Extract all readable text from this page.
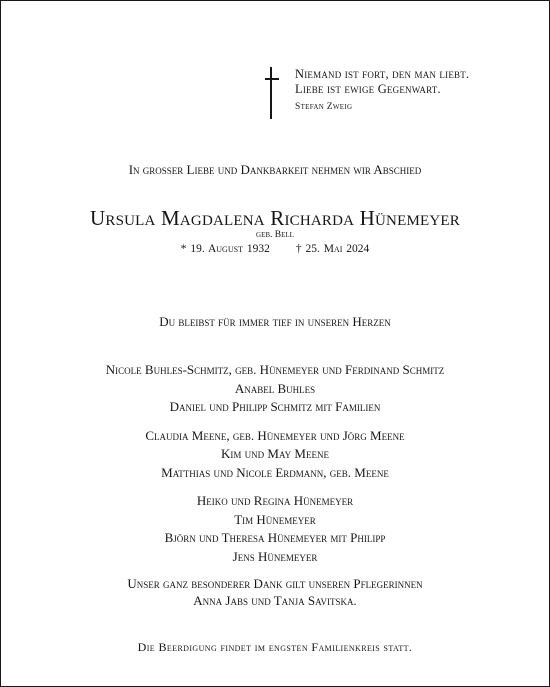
Niemand ist fort, den man liebt.
Liebe ist ewige Gegenwart.
Stefan Zweig
In grosser Liebe und Dankbarkeit nehmen wir Abschied
Ursula Magdalena Richarda Hünemeyer
geb. Bell
* 19. August 1932 † 25. Mai 2024
Du bleibst für immer tief in unseren Herzen
Nicole Buhles-Schmitz, geb. Hünemeyer und Ferdinand Schmitz
Anabel Buhles
Daniel und Philipp Schmitz mit Familien
Claudia Meene, geb. Hünemeyer und Jörg Meene
Kim und May Meene
Matthias und Nicole Erdmann, geb. Meene
Heiko und Regina Hünemeyer
Tim Hünemeyer
Björn und Theresa Hünemeyer mit Philipp
Jens Hünemeyer
Unser ganz besonderer Dank gilt unseren Pflegerinnen
Anna Jabs und Tanja Savitska.
Die Beerdigung findet im engsten Familienkreis statt.
